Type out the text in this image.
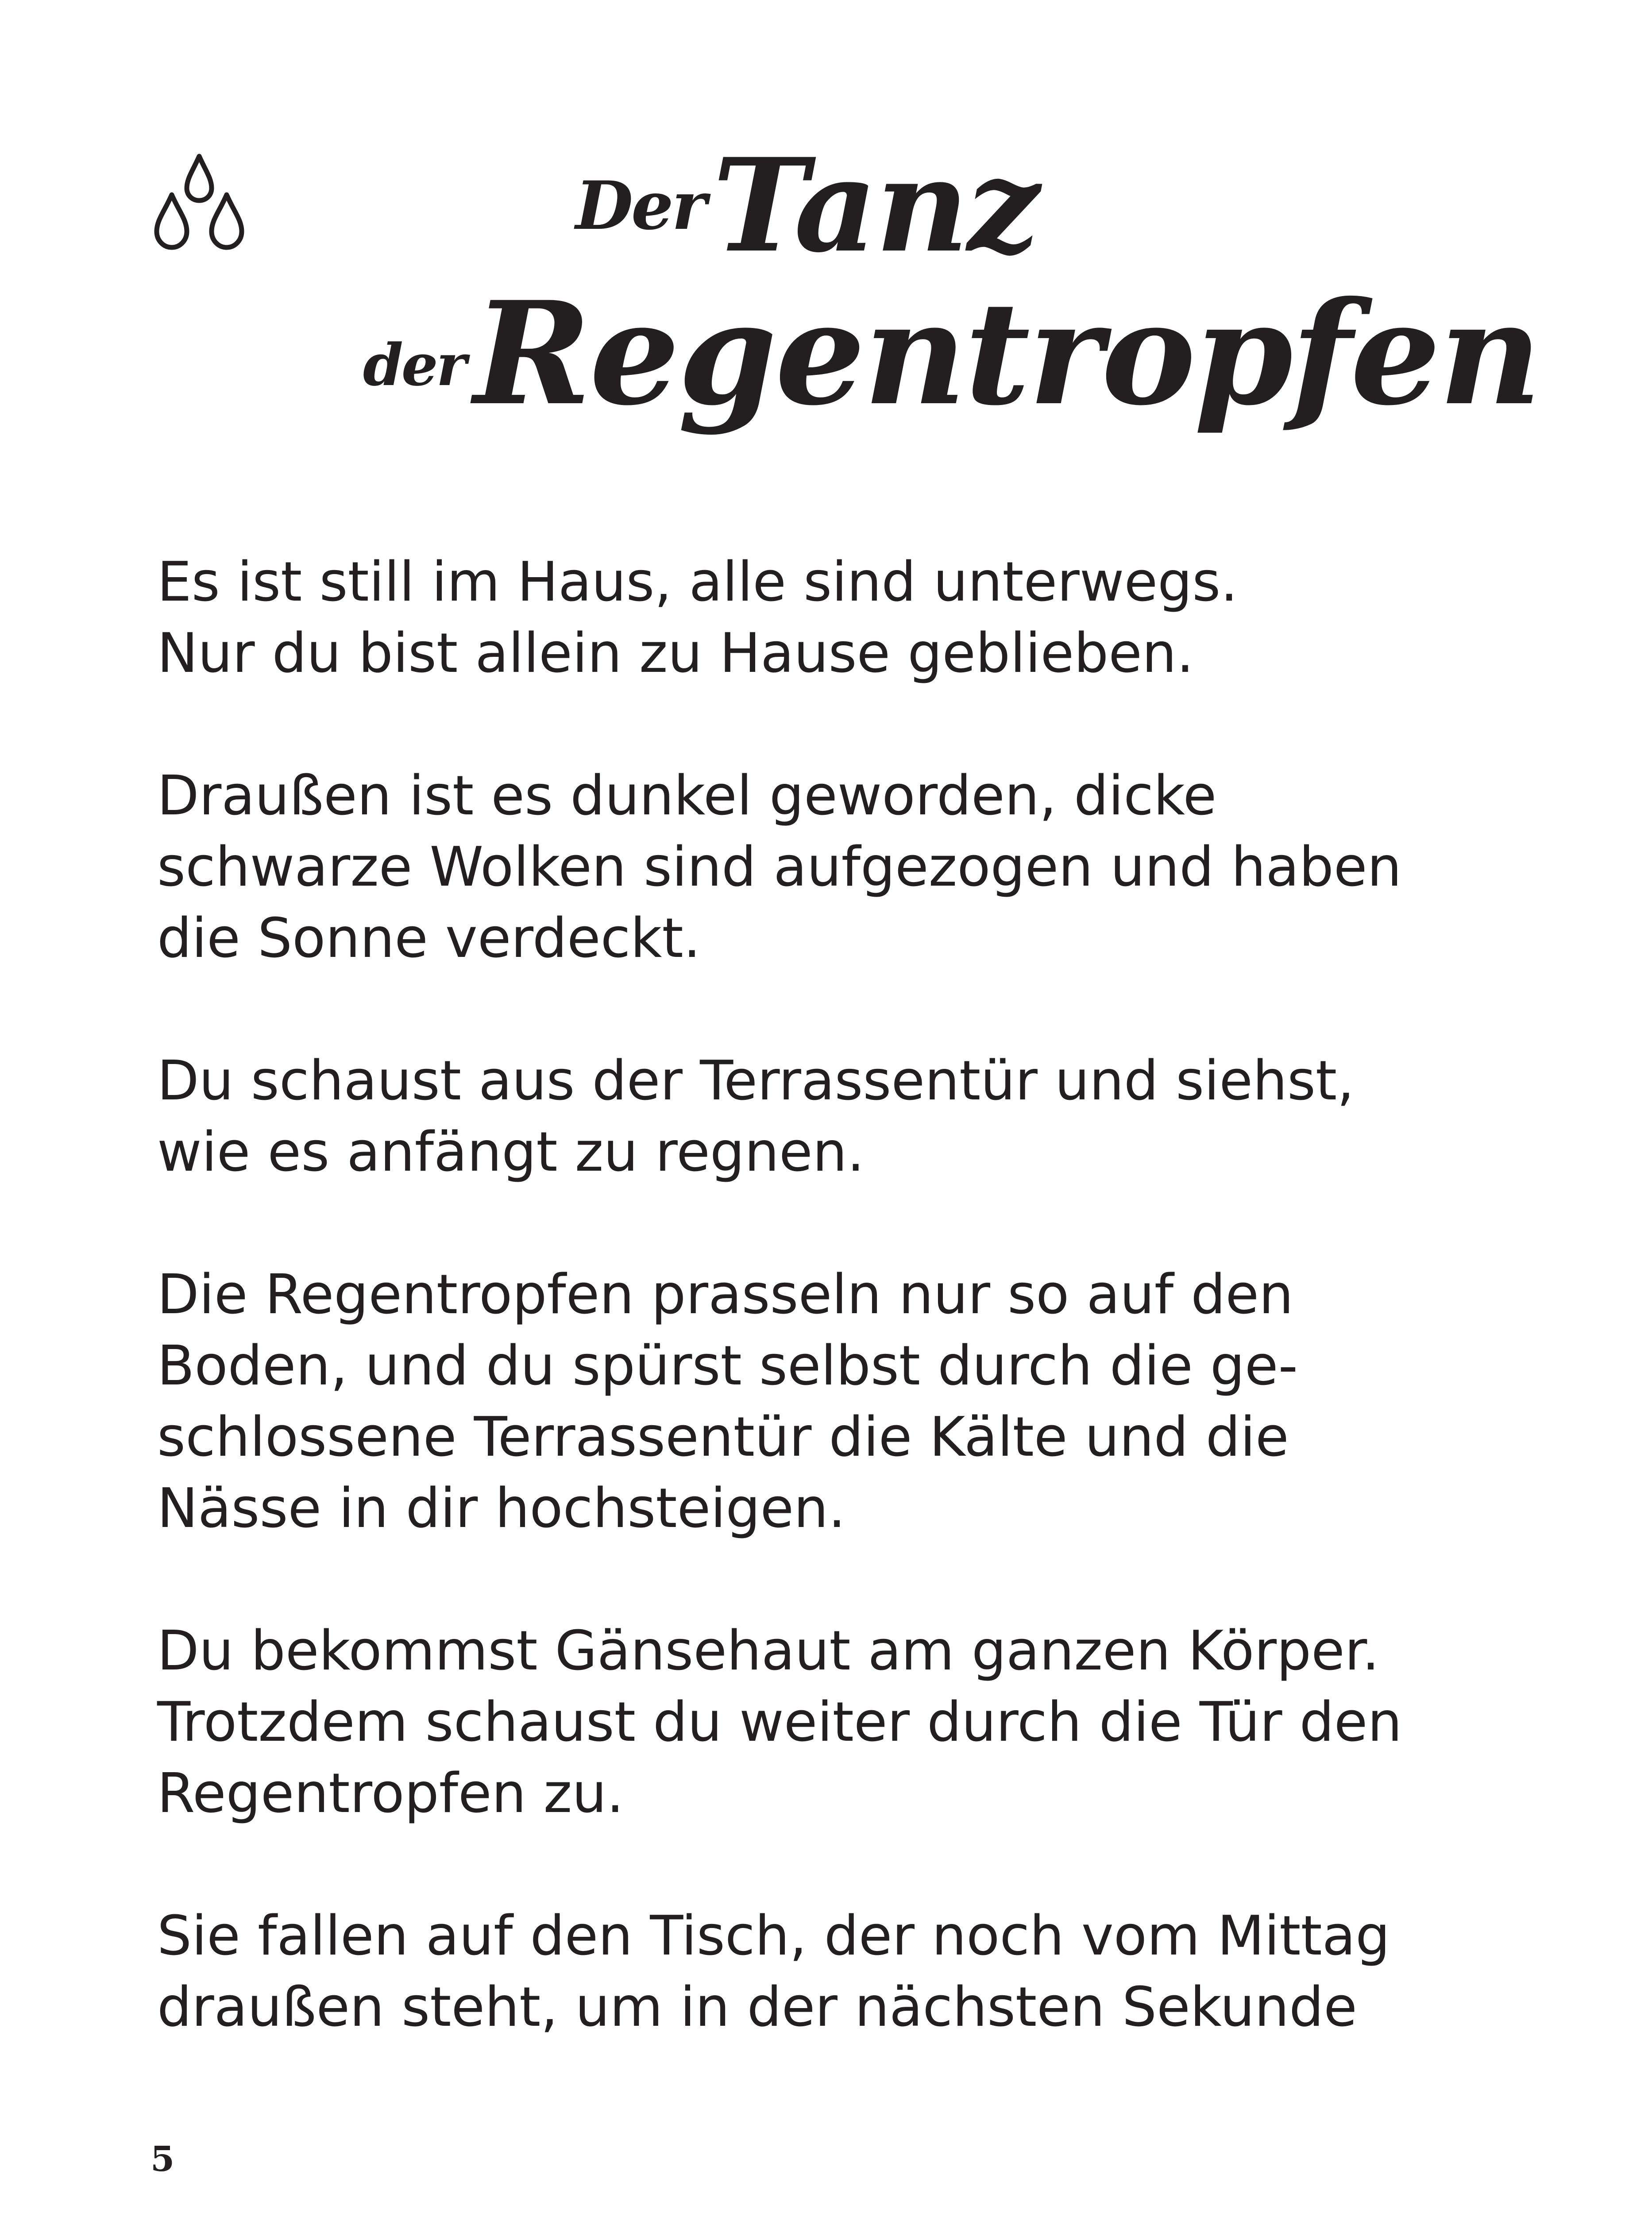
Der Tanz
der Regentropfen

Es ist still im Haus, alle sind unterwegs.
Nur du bist allein zu Hause geblieben.

Draußen ist es dunkel geworden, dicke
schwarze Wolken sind aufgezogen und haben
die Sonne verdeckt.

Du schaust aus der Terrassentür und siehst,
wie es anfängt zu regnen.

Die Regentropfen prasseln nur so auf den
Boden, und du spürst selbst durch die ge-
schlossene Terrassentür die Kälte und die
Nässe in dir hochsteigen.

Du bekommst Gänsehaut am ganzen Körper.
Trotzdem schaust du weiter durch die Tür den
Regentropfen zu.

Sie fallen auf den Tisch, der noch vom Mittag
draußen steht, um in der nächsten Sekunde

5
